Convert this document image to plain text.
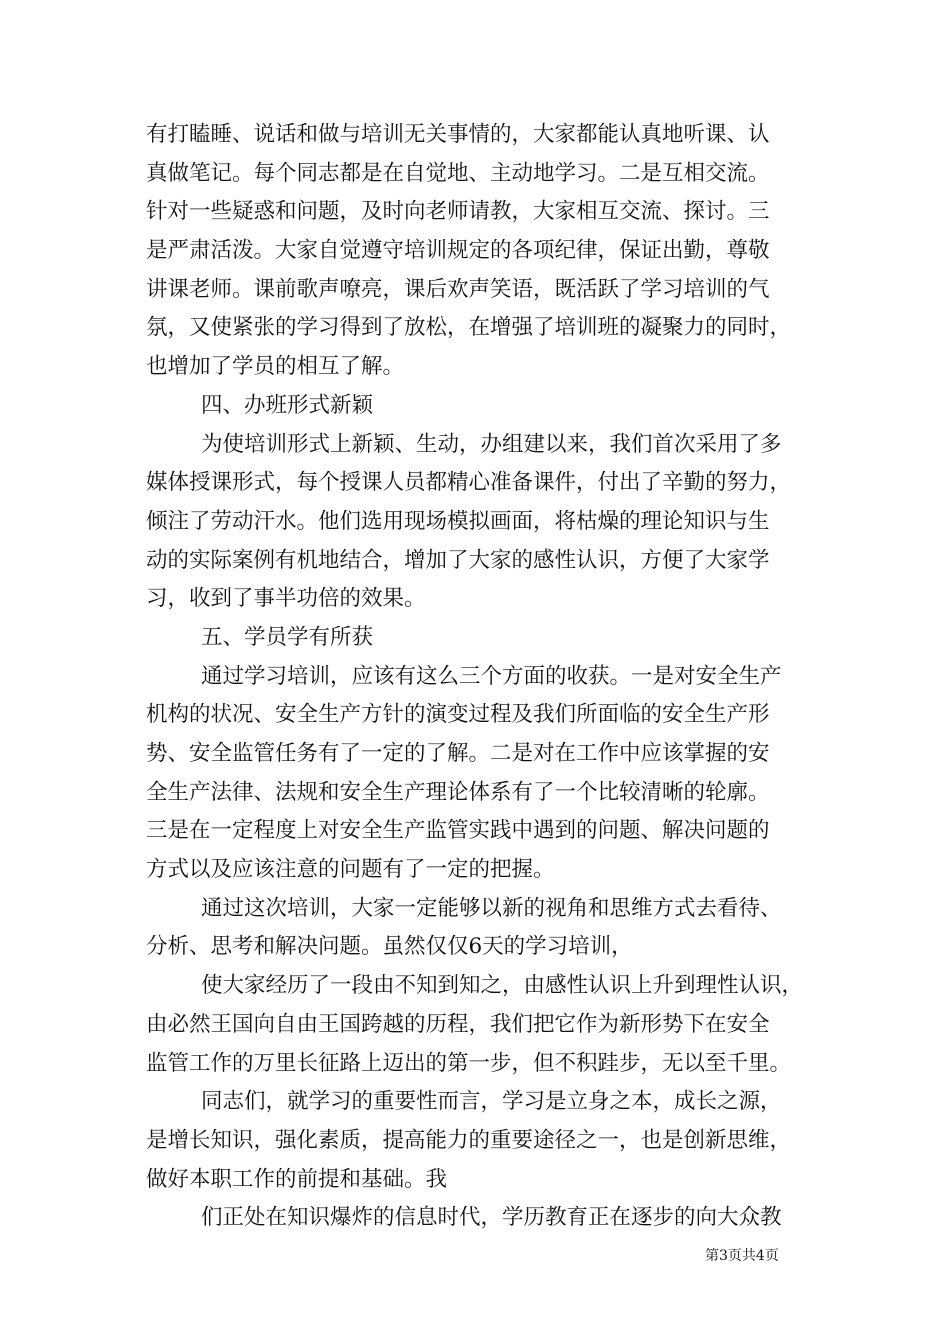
有打瞌睡、说话和做与培训无关事情的，大家都能认真地听课、认
真做笔记。每个同志都是在自觉地、主动地学习。二是互相交流。
针对一些疑惑和问题，及时向老师请教，大家相互交流、探讨。三
是严肃活泼。大家自觉遵守培训规定的各项纪律，保证出勤，尊敬
讲课老师。课前歌声嘹亮，课后欢声笑语，既活跃了学习培训的气
氛，又使紧张的学习得到了放松，在增强了培训班的凝聚力的同时，
也增加了学员的相互了解。
四、办班形式新颖
为使培训形式上新颖、生动，办组建以来，我们首次采用了多
媒体授课形式，每个授课人员都精心准备课件，付出了辛勤的努力，
倾注了劳动汗水。他们选用现场模拟画面，将枯燥的理论知识与生
动的实际案例有机地结合，增加了大家的感性认识，方便了大家学
习，收到了事半功倍的效果。
五、学员学有所获
通过学习培训，应该有这么三个方面的收获。一是对安全生产
机构的状况、安全生产方针的演变过程及我们所面临的安全生产形
势、安全监管任务有了一定的了解。二是对在工作中应该掌握的安
全生产法律、法规和安全生产理论体系有了一个比较清晰的轮廓。
三是在一定程度上对安全生产监管实践中遇到的问题、解决问题的
方式以及应该注意的问题有了一定的把握。
通过这次培训，大家一定能够以新的视角和思维方式去看待、
分析、思考和解决问题。虽然仅仅6天的学习培训，
使大家经历了一段由不知到知之，由感性认识上升到理性认识，
由必然王国向自由王国跨越的历程，我们把它作为新形势下在安全
监管工作的万里长征路上迈出的第一步，但不积跬步，无以至千里。
同志们，就学习的重要性而言，学习是立身之本，成长之源，
是增长知识，强化素质，提高能力的重要途径之一，也是创新思维，
做好本职工作的前提和基础。我
们正处在知识爆炸的信息时代，学历教育正在逐步的向大众教
第3页共4页
